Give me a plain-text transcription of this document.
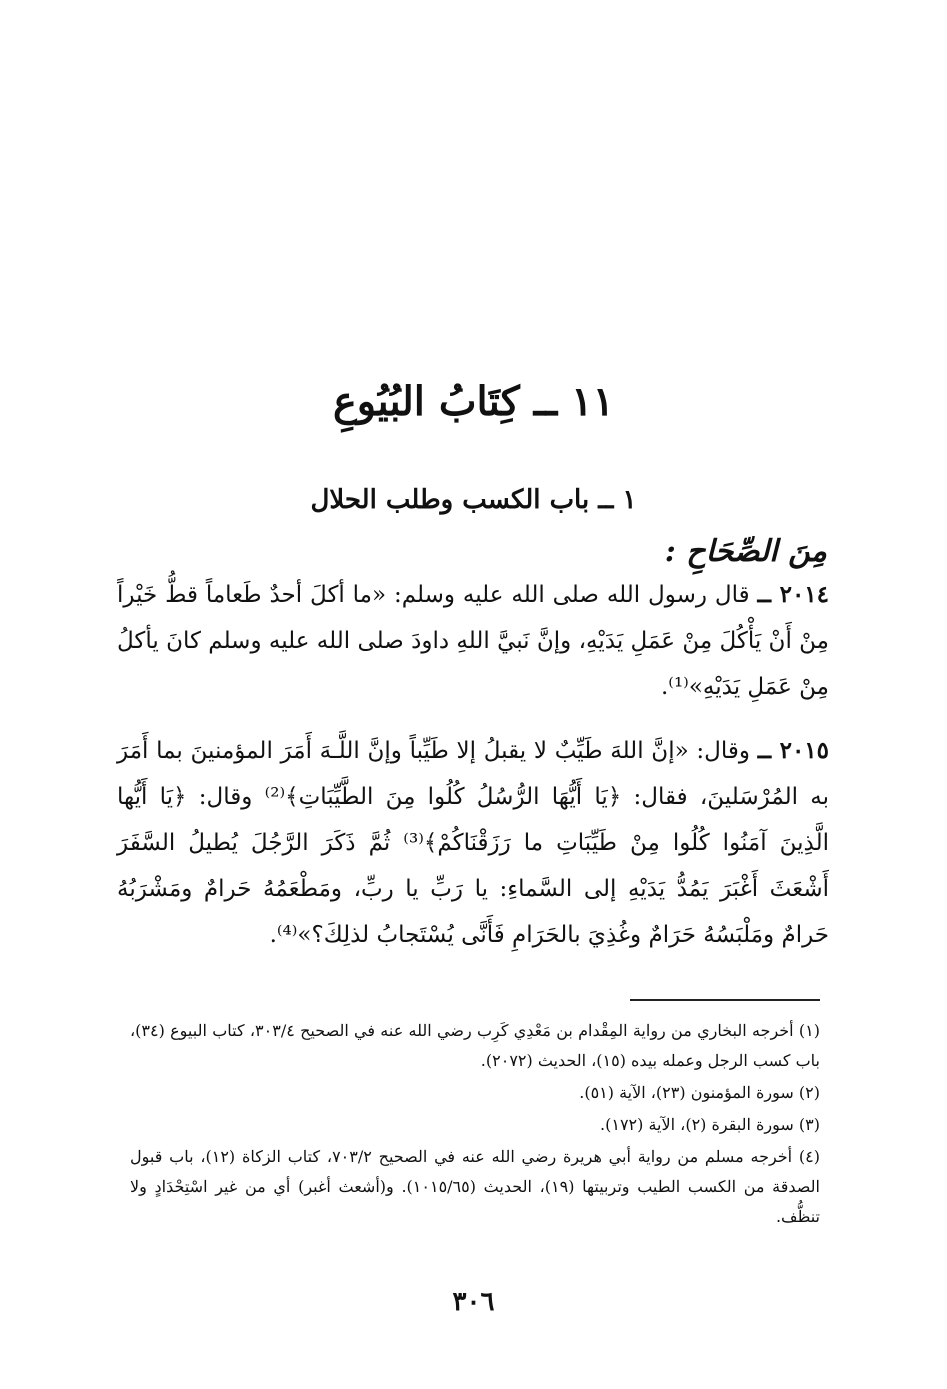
١١ ــ كِتَابُ البُيُوعِ
١ ــ باب الكسب وطلب الحلال
مِنَ الصِّحَاحِ :

٢٠١٤ ــ قال رسول الله صلى الله عليه وسلم: «ما أكلَ أحدٌ طَعاماً قطُّ خَيْراً مِنْ أَنْ يَأْكُلَ مِنْ عَمَلِ يَدَيْهِ، وإنَّ نَبيَّ اللهِ داودَ صلى الله عليه وسلم كانَ يأكلُ مِنْ عَمَلِ يَدَيْهِ»⁽¹⁾.

٢٠١٥ ــ وقال: «إنَّ اللهَ طَيِّبٌ لا يقبلُ إلا طَيِّباً وإنَّ اللَّـهَ أَمَرَ المؤمنينَ بما أَمَرَ به المُرْسَلينَ، فقال: ﴿يَا أَيُّهَا الرُّسُلُ كُلُوا مِنَ الطَّيِّبَاتِ﴾⁽²⁾ وقال: ﴿يَا أَيُّها الَّذِينَ آمَنُوا كُلُوا مِنْ طَيِّبَاتِ ما رَزَقْنَاكُمْ﴾⁽³⁾ ثُمَّ ذَكَرَ الرَّجُلَ يُطيلُ السَّفَرَ أَشْعَثَ أَغْبَرَ يَمُدُّ يَدَيْهِ إلى السَّماءِ: يا رَبِّ يا ربِّ، ومَطْعَمُهُ حَرامٌ ومَشْرَبُهُ حَرامٌ ومَلْبَسُهُ حَرَامٌ وغُذِيَ بالحَرَامِ فَأَنَّى يُسْتَجابُ لذلِكَ؟»⁽⁴⁾.

(١) أخرجه البخاري من رواية المِقْدام بن مَعْدِي كَرِب رضي الله عنه في الصحيح ٣٠٣/٤، كتاب البيوع (٣٤)، باب كسب الرجل وعمله بيده (١٥)، الحديث (٢٠٧٢).
(٢) سورة المؤمنون (٢٣)، الآية (٥١).
(٣) سورة البقرة (٢)، الآية (١٧٢).
(٤) أخرجه مسلم من رواية أبي هريرة رضي الله عنه في الصحيح ٧٠٣/٢، كتاب الزكاة (١٢)، باب قبول الصدقة من الكسب الطيب وتربيتها (١٩)، الحديث (١٠١٥/٦٥). و(أشعث أغبر) أي من غير اسْتِحْدَادٍ ولا تنظُّف.
٣٠٦
